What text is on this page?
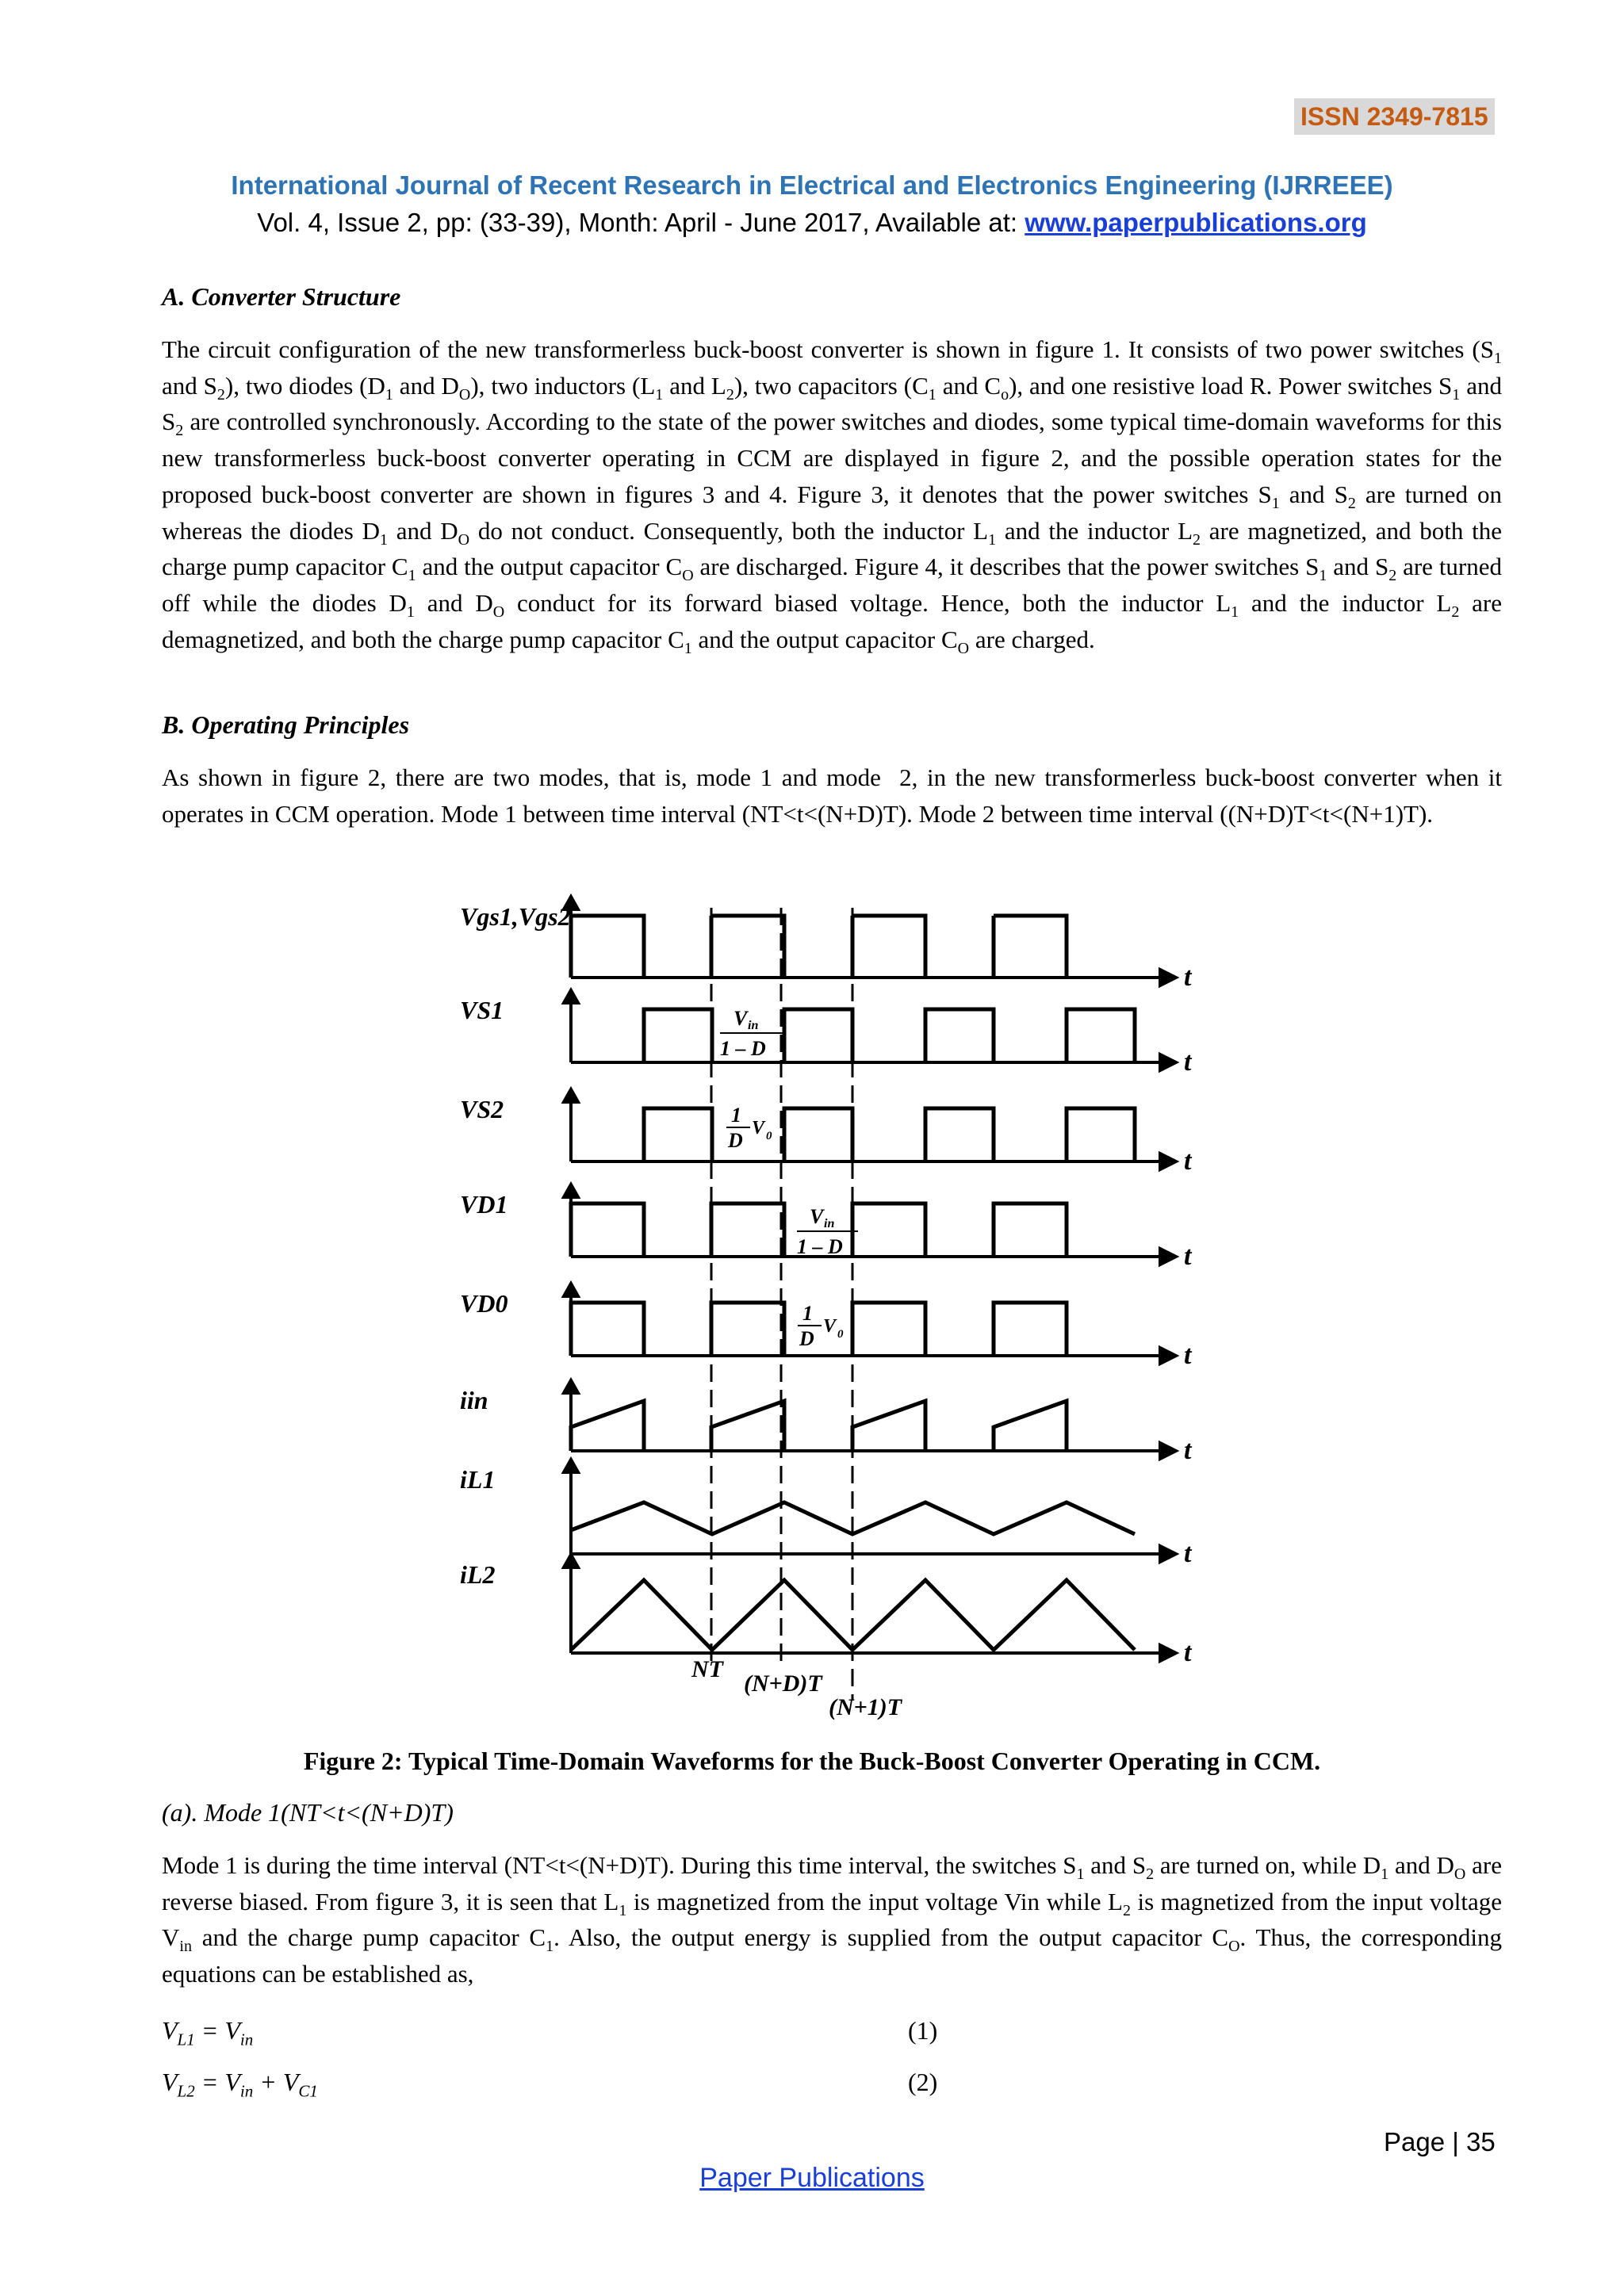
ISSN 2349-7815
International Journal of Recent Research in Electrical and Electronics Engineering (IJRREEE)
Vol. 4, Issue 2, pp: (33-39), Month: April - June 2017, Available at: www.paperpublications.org
A. Converter Structure
The circuit configuration of the new transformerless buck-boost converter is shown in figure 1. It consists of two power switches ($S_1$ and $S_2$), two diodes ($D_1$ and $D_O$), two inductors ($L_1$ and $L_2$), two capacitors ($C_1$ and $C_o$), and one resistive load R. Power switches $S_1$ and $S_2$ are controlled synchronously. According to the state of the power switches and diodes, some typical time-domain waveforms for this new transformerless buck-boost converter operating in CCM are displayed in figure 2, and the possible operation states for the proposed buck-boost converter are shown in figures 3 and 4. Figure 3, it denotes that the power switches $S_1$ and $S_2$ are turned on whereas the diodes $D_1$ and $D_O$ do not conduct. Consequently, both the inductor $L_1$ and the inductor $L_2$ are magnetized, and both the charge pump capacitor $C_1$ and the output capacitor $C_O$ are discharged. Figure 4, it describes that the power switches $S_1$ and $S_2$ are turned off while the diodes $D_1$ and $D_O$ conduct for its forward biased voltage. Hence, both the inductor $L_1$ and the inductor $L_2$ are demagnetized, and both the charge pump capacitor $C_1$ and the output capacitor $C_O$ are charged.
B. Operating Principles
As shown in figure 2, there are two modes, that is, mode 1 and mode  2, in the new transformerless buck-boost converter when it operates in CCM operation. Mode 1 between time interval (NT<t<(N+D)T). Mode 2 between time interval ((N+D)T<t<(N+1)T).
t
Vgs1,Vgs2
t
VS1
t
VS2
t
VD1
t
VD0
t
iin
t
iL1
t
iL2
V in
1 – D
1
D
V 0
V in
1 – D
1
D
V 0
NT
(N+D)T
(N+1)T
Figure 2: Typical Time-Domain Waveforms for the Buck-Boost Converter Operating in CCM.
(a). Mode 1(NT<t<(N+D)T)
Mode 1 is during the time interval (NT<t<(N+D)T). During this time interval, the switches $S_1$ and $S_2$ are turned on, while $D_1$ and $D_O$ are reverse biased. From figure 3, it is seen that $L_1$ is magnetized from the input voltage Vin while $L_2$ is magnetized from the input voltage $V_{in}$ and the charge pump capacitor $C_1$. Also, the output energy is supplied from the output capacitor $C_O$. Thus, the corresponding equations can be established as,
$V_{L1} = V_{in}$	(1)
$V_{L2} = V_{in} + V_{C1}$	(2)
Page | 35
Paper Publications
